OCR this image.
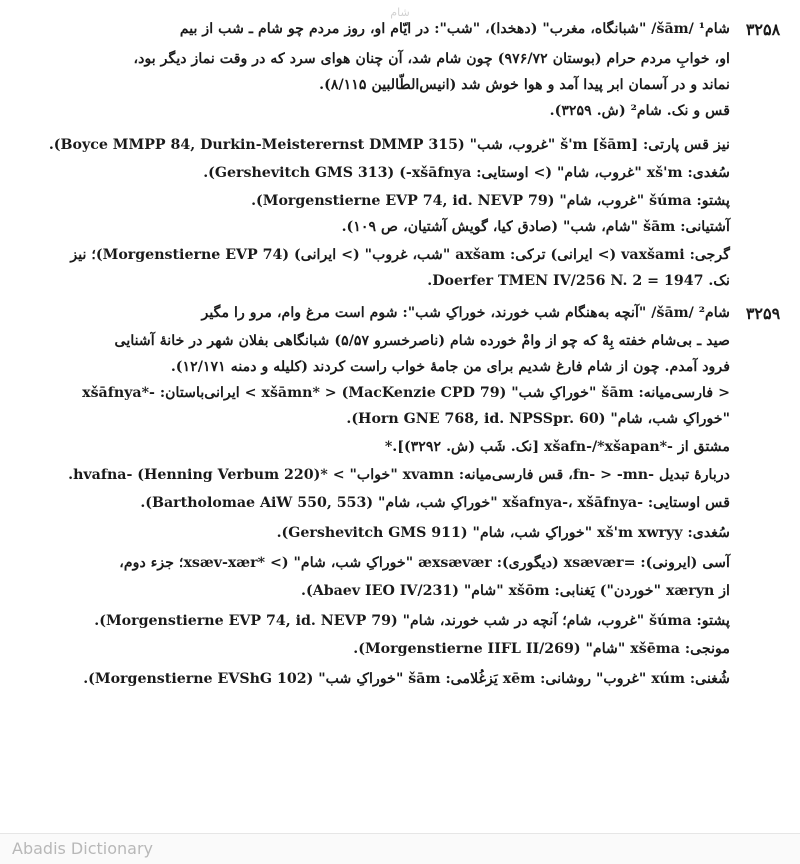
شام
۳۲۵۸
شام¹ /šām/ "شبانگاه، مغرب" (دهخدا)، "شب": در ایّام او، روز مردم چو شام ـ شب از بیم
او، خوابِ مردم حرام (بوستان ۹۷۶/۷۲) چون شام شد، آن چنان هوای سرد که در وقت نماز دیگر بود،
نماند و در آسمان ابر پیدا آمد و هوا خوش شد (انیس‌الطّالبین ۸/۱۱۵).
قس و نک. شام² (ش. ۳۲۵۹).
نیز قس پارتی: [šām] š'm "غروب، شب" (Boyce MMPP 84, Durkin-Meisterernst DMMP 315).
سُغدی: xš'm "غروب، شام" (> اوستایی: xšāfnya-) (Gershevitch GMS 313).
پشتو: šúma "غروب، شام" (Morgenstierne EVP 74, id. NEVP 79).
آشتیانی: šām "شام، شب" (صادق کیا، گویش آشتیان، ص ۱۰۹).
گرجی: vaxšami (> ایرانی) ترکی: axšam "شب، غروب" (> ایرانی) (Morgenstierne EVP 74)؛ نیز
نک. Doerfer TMEN IV/256 N. 2 = 1947.
۳۲۵۹
شام² /šām/ "آنچه به‌هنگام شب خورند، خوراکِ شب": شوم است مرغ وام، مرو را مگیر
صید ـ بی‌شام خفته بِهْ که چو از وامْ خورده شام (ناصرخسرو ۵/۵۷) شبانگاهی بفلان شهر در خانهٔ آشنایی
فرود آمدم. چون از شام فارغ شدیم برای من جامهٔ خواب راست کردند (کلیله و دمنه ۱۲/۱۷۱).
< فارسی‌میانه: šām "خوراکِ شب" (MacKenzie CPD 79) < *xšāmn > ایرانی‌باستان: -*xšāfnya
"خوراکِ شب، شام" (Horn GNE 768, id. NPSSpr. 60).
مشتق از -*xšafn-/*xšapan [نک. شَب (ش. ۳۲۹۲)].*
دربارهٔ تبدیل -fn- > -mn، قس فارسی‌میانه: xvamn "خواب" > *hvafna- (Henning Verbum 220).
قس اوستایی: -xšafnya-، xšāfnya "خوراکِ شب، شام" (Bartholomae AiW 550, 553).
سُغدی: xš'm xwryy "خوراکِ شب، شام" (Gershevitch GMS 911).
آسی (ایرونی): =xsævær (دیگوری): æxsævær "خوراکِ شب، شام" (> *xsæv-xær؛ جزء دوم،
از xæryn "خوردن") یَغنابی: xšōm "شام" (Abaev IEO IV/231).
پشتو: šúma "غروب، شام؛ آنچه در شب خورند، شام" (Morgenstierne EVP 74, id. NEVP 79).
مونجی: xšēma "شام" (Morgenstierne IIFL II/269).
شُغنی: xúm "غروب" روشانی: xēm یَزغُلامی: šām "خوراکِ شب" (Morgenstierne EVShG 102).
Abadis Dictionary
